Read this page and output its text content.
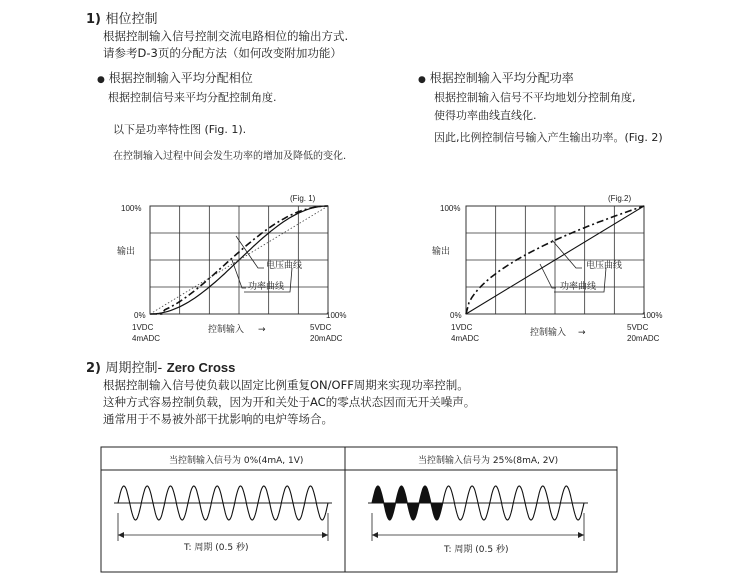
1) 相位控制
根据控制输入信号控制交流电路相位的输出方式.
请参考D-3页的分配方法（如何改变附加功能）
● 根据控制输入平均分配相位
根据控制信号来平均分配控制角度.
以下是功率特性图 (Fig. 1).
在控制输入过程中间会发生功率的增加及降低的变化.
● 根据控制输入平均分配功率
根据控制输入信号不平均地划分控制角度,
使得功率曲线直线化.
因此,比例控制信号输入产生输出功率。(Fig. 2)
(Fig. 1)
100%
输出
0%	100%
1VDC
4mADC
5VDC
20mADC
控制输入 →
电压曲线
功率曲线
(Fig.2)
100%
输出
0%	100%
1VDC
4mADC
5VDC
20mADC
控制输入 →
电压曲线
功率曲线
当控制输入信号为 0%(4mA, 1V)	当控制输入信号为 25%(8mA, 2V)
T: 周期 (0.5 秒)	T: 周期 (0.5 秒)
2) 周期控制- Zero Cross
根据控制输入信号使负载以固定比例重复ON/OFF周期来实现功率控制。
这种方式容易控制负载，因为开和关处于AC的零点状态因而无开关噪声。
通常用于不易被外部干扰影响的电炉等场合。
